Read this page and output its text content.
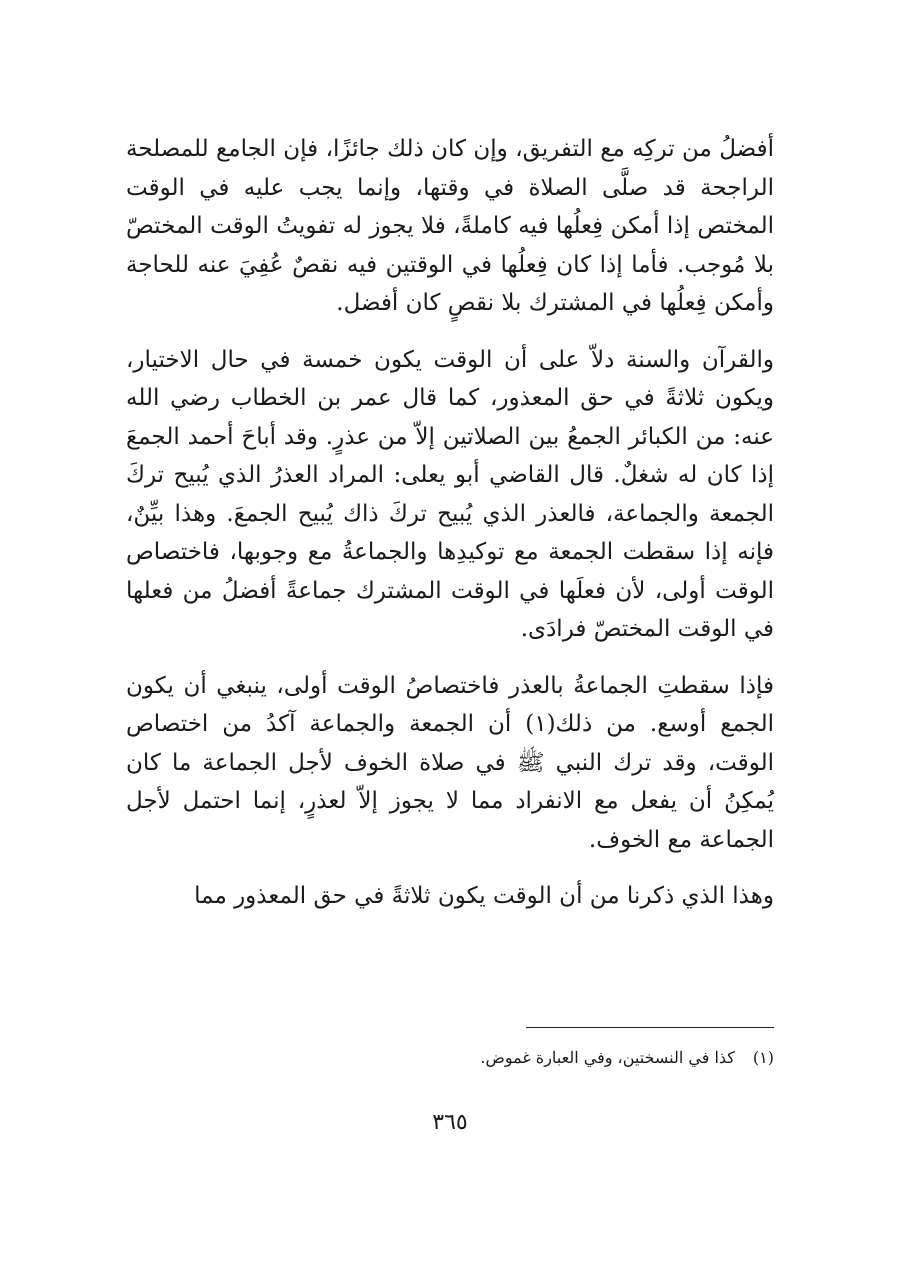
أفضلُ من تركِه مع التفريق، وإن كان ذلك جائزًا، فإن الجامع للمصلحة الراجحة قد صلَّى الصلاة في وقتها، وإنما يجب عليه في الوقت المختص إذا أمكن فِعلُها فيه كاملةً، فلا يجوز له تفويتُ الوقت المختصّ بلا مُوجب. فأما إذا كان فِعلُها في الوقتين فيه نقصٌ عُفِيَ عنه للحاجة وأمكن فِعلُها في المشترك بلا نقصٍ كان أفضل.

والقرآن والسنة دلاّ على أن الوقت يكون خمسة في حال الاختيار، ويكون ثلاثةً في حق المعذور، كما قال عمر بن الخطاب رضي الله عنه: من الكبائر الجمعُ بين الصلاتين إلاّ من عذرٍ. وقد أباحَ أحمد الجمعَ إذا كان له شغلٌ. قال القاضي أبو يعلى: المراد العذرُ الذي يُبيح تركَ الجمعة والجماعة، فالعذر الذي يُبيح تركَ ذاك يُبيح الجمعَ. وهذا بيِّنٌ، فإنه إذا سقطت الجمعة مع توكيدِها والجماعةُ مع وجوبها، فاختصاص الوقت أولى، لأن فعلَها في الوقت المشترك جماعةً أفضلُ من فعلها في الوقت المختصّ فرادَى.

فإذا سقطتِ الجماعةُ بالعذر فاختصاصُ الوقت أولى، ينبغي أن يكون الجمع أوسع. من ذلك(١) أن الجمعة والجماعة آكدُ من اختصاص الوقت، وقد ترك النبي ﷺ في صلاة الخوف لأجل الجماعة ما كان يُمكِنُ أن يفعل مع الانفراد مما لا يجوز إلاّ لعذرٍ، إنما احتمل لأجل الجماعة مع الخوف.

وهذا الذي ذكرنا من أن الوقت يكون ثلاثةً في حق المعذور مما

(١)كذا في النسختين، وفي العبارة غموض.

٣٦٥
